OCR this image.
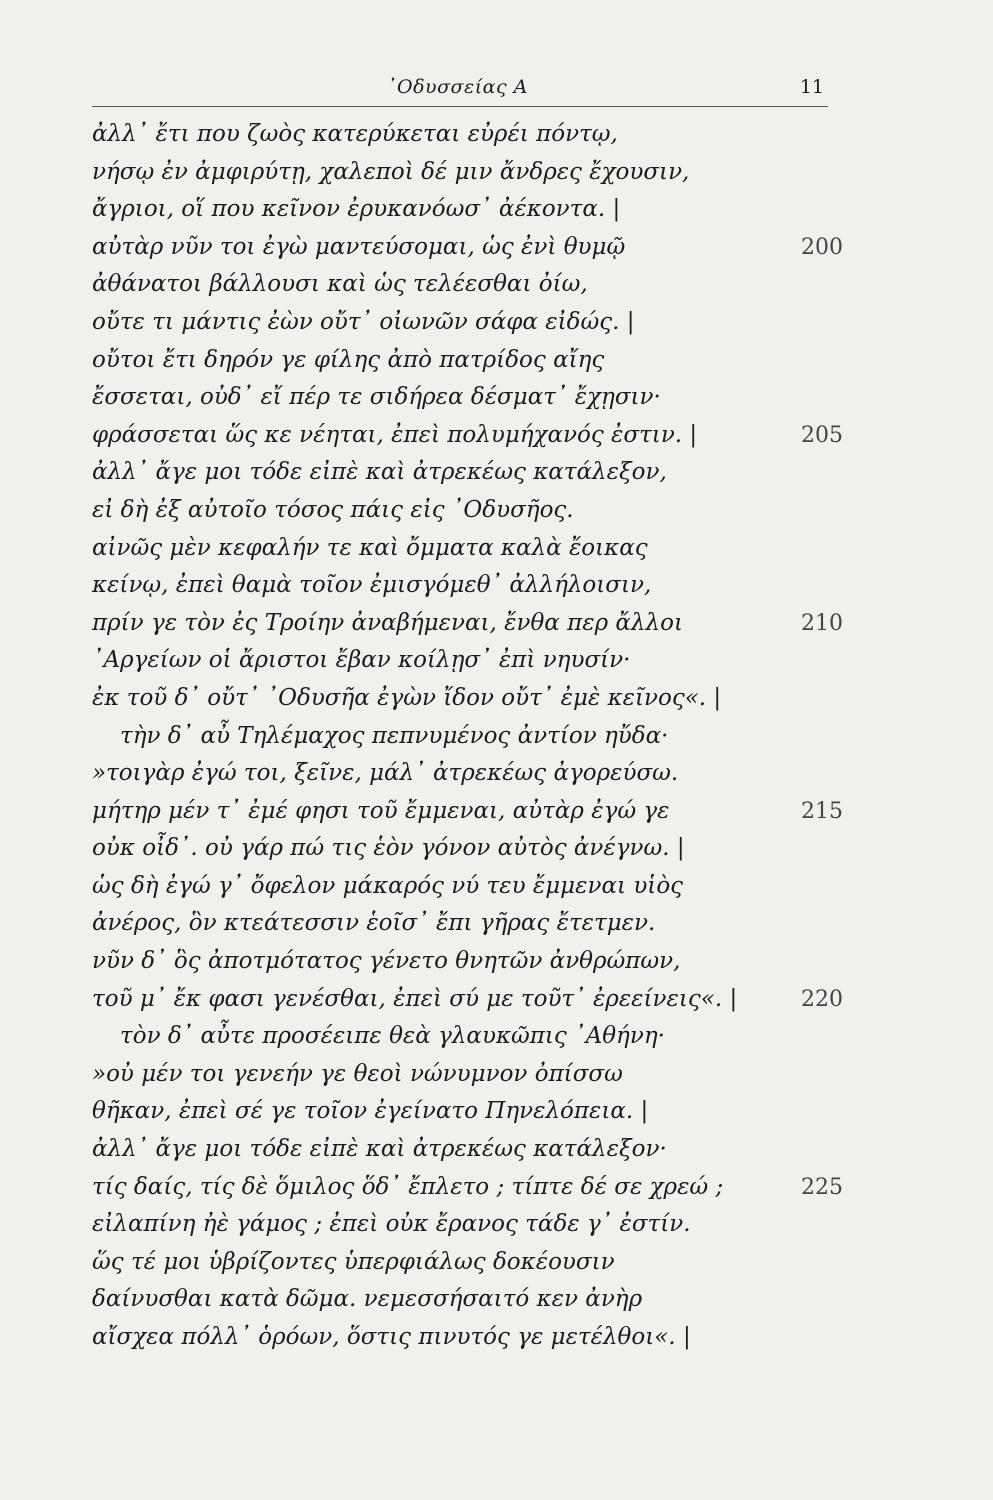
᾽Οδυσσείας Α	11
ἀλλ᾽ ἔτι που ζωὸς κατερύκεται εὐρέι πόντῳ,
νήσῳ ἐν ἀμφιρύτῃ, χαλεποὶ δέ μιν ἄνδρες ἔχουσιν,
ἄγριοι, οἵ που κεῖνον ἐρυκανόωσ᾽ ἀέκοντα. |
αὐτὰρ νῦν τοι ἐγὼ μαντεύσομαι, ὡς ἐνὶ θυμῷ	200
ἀθάνατοι βάλλουσι καὶ ὡς τελέεσθαι ὀίω,
οὔτε τι μάντις ἐὼν οὔτ᾽ οἰωνῶν σάφα εἰδώς. |
οὔτοι ἔτι δηρόν γε φίλης ἀπὸ πατρίδος αἴης
ἔσσεται, οὐδ᾽ εἴ πέρ τε σιδήρεα δέσματ᾽ ἔχῃσιν·
φράσσεται ὥς κε νέηται, ἐπεὶ πολυμήχανός ἐστιν. |	205
ἀλλ᾽ ἄγε μοι τόδε εἰπὲ καὶ ἀτρεκέως κατάλεξον,
εἰ δὴ ἐξ αὐτοῖο τόσος πάις εἰς ᾽Οδυσῆος.
αἰνῶς μὲν κεφαλήν τε καὶ ὄμματα καλὰ ἔοικας
κείνῳ, ἐπεὶ θαμὰ τοῖον ἐμισγόμεθ᾽ ἀλλήλοισιν,
πρίν γε τὸν ἐς Τροίην ἀναβήμεναι, ἔνθα περ ἄλλοι	210
᾽Αργείων οἱ ἄριστοι ἔβαν κοίλῃσ᾽ ἐπὶ νηυσίν·
ἐκ τοῦ δ᾽ οὔτ᾽ ᾽Οδυσῆα ἐγὼν ἴδον οὔτ᾽ ἐμὲ κεῖνος«. |
τὴν δ᾽ αὖ Τηλέμαχος πεπνυμένος ἀντίον ηὔδα·
»τοιγὰρ ἐγώ τοι, ξεῖνε, μάλ᾽ ἀτρεκέως ἀγορεύσω.
μήτηρ μέν τ᾽ ἐμέ φησι τοῦ ἔμμεναι, αὐτὰρ ἐγώ γε	215
οὐκ οἶδ᾽. οὐ γάρ πώ τις ἑὸν γόνον αὐτὸς ἀνέγνω. |
ὡς δὴ ἐγώ γ᾽ ὄφελον μάκαρός νύ τευ ἔμμεναι υἱὸς
ἀνέρος, ὃν κτεάτεσσιν ἑοῖσ᾽ ἔπι γῆρας ἔτετμεν.
νῦν δ᾽ ὃς ἀποτμότατος γένετο θνητῶν ἀνθρώπων,
τοῦ μ᾽ ἔκ φασι γενέσθαι, ἐπεὶ σύ με τοῦτ᾽ ἐρεείνεις«. |	220
τὸν δ᾽ αὖτε προσέειπε θεὰ γλαυκῶπις ᾽Αθήνη·
»οὐ μέν τοι γενεήν γε θεοὶ νώνυμνον ὀπίσσω
θῆκαν, ἐπεὶ σέ γε τοῖον ἐγείνατο Πηνελόπεια. |
ἀλλ᾽ ἄγε μοι τόδε εἰπὲ καὶ ἀτρεκέως κατάλεξον·
τίς δαίς, τίς δὲ ὅμιλος ὅδ᾽ ἔπλετο ; τίπτε δέ σε χρεώ ;	225
εἰλαπίνη ἠὲ γάμος ; ἐπεὶ οὐκ ἔρανος τάδε γ᾽ ἐστίν.
ὥς τέ μοι ὑβρίζοντες ὑπερφιάλως δοκέουσιν
δαίνυσθαι κατὰ δῶμα. νεμεσσήσαιτό κεν ἀνὴρ
αἴσχεα πόλλ᾽ ὁρόων, ὅστις πινυτός γε μετέλθοι«. |
